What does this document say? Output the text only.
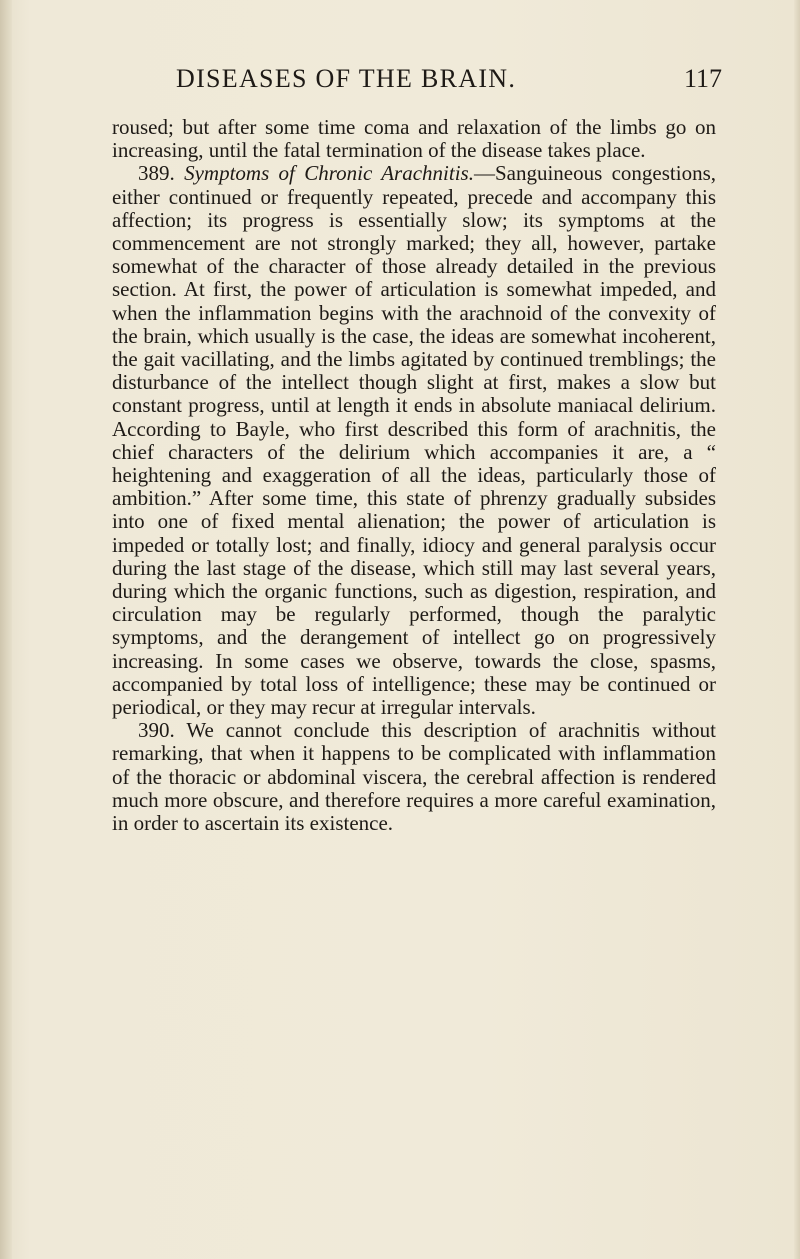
DISEASES OF THE BRAIN.	117

roused; but after some time coma and relaxation of the limbs go on increasing, until the fatal termination of the disease takes place.

389. Symptoms of Chronic Arachnitis.—Sanguineous congestions, either continued or frequently repeated, precede and accompany this affection; its progress is essentially slow; its symptoms at the commencement are not strongly marked; they all, however, partake somewhat of the character of those already detailed in the previous section. At first, the power of articulation is somewhat impeded, and when the inflammation begins with the arachnoid of the convexity of the brain, which usually is the case, the ideas are somewhat incoherent, the gait vacillating, and the limbs agitated by continued tremblings; the disturbance of the intellect though slight at first, makes a slow but constant progress, until at length it ends in absolute maniacal delirium. According to Bayle, who first described this form of arachnitis, the chief characters of the delirium which accompanies it are, a “ heightening and exaggeration of all the ideas, particularly those of ambition.” After some time, this state of phrenzy gradually subsides into one of fixed mental alienation; the power of articulation is impeded or totally lost; and finally, idiocy and general paralysis occur during the last stage of the disease, which still may last several years, during which the organic functions, such as digestion, respiration, and circulation may be regularly performed, though the paralytic symptoms, and the derangement of intellect go on progressively increasing. In some cases we observe, towards the close, spasms, accompanied by total loss of intelligence; these may be continued or periodical, or they may recur at irregular intervals.

390. We cannot conclude this description of arachnitis without remarking, that when it happens to be complicated with inflammation of the thoracic or abdominal viscera, the cerebral affection is rendered much more obscure, and therefore requires a more careful examination, in order to ascertain its existence.
